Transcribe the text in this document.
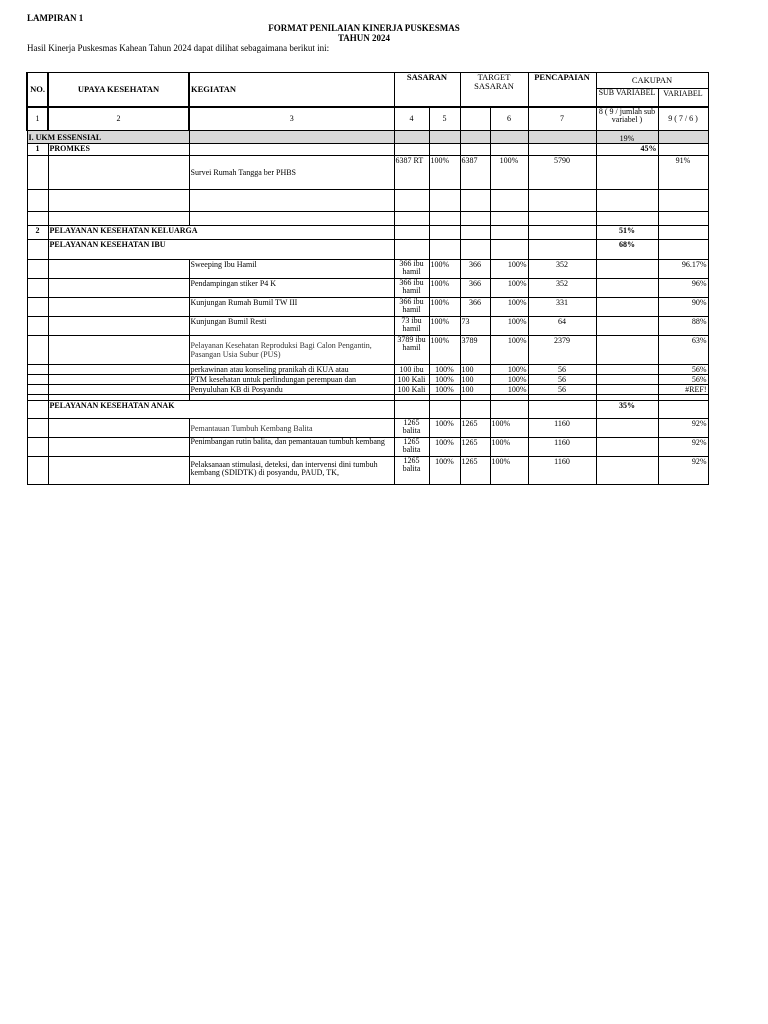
LAMPIRAN 1
FORMAT PENILAIAN KINERJA PUSKESMAS
TAHUN 2024
Hasil Kinerja Puskesmas Kahean Tahun 2024 dapat dilihat sebagaimana berikut ini:
NO.	UPAYA KESEHATAN	KEGIATAN	SASARAN		TARGET SASARAN		PENCAPAIAN	CAKUPAN	
								SUB VARIABEL	VARIABEL
1	2	3	4	5		6	7	8 ( 9 / jumlah sub variabel )	9 ( 7 / 6 )
I. UKM ESSENSIAL								19%	
1	PROMKES							45%	
		Survei Rumah Tangga ber PHBS	6387 RT	100%	6387	100%	5790		91%

2	PELAYANAN KESEHATAN KELUARGA							51%	
	PELAYANAN KESEHATAN IBU							68%	
		Sweeping Ibu Hamil	366 ibu hamil	100%	366	100%	352		96.17%
		Pendampingan stiker P4 K	366 ibu hamil	100%	366	100%	352		96%
		Kunjungan Rumah Bumil TW III	366 ibu hamil	100%	366	100%	331		90%
		Kunjungan Bumil Resti	73 ibu hamil	100%	73	100%	64		88%
		Pelayanan Kesehatan Reproduksi Bagi Calon Pengantin, Pasangan Usia Subur (PUS)	3789 ibu hamil	100%	3789	100%	2379		63%
		perkawinan atau konseling pranikah di KUA atau	100 ibu	100%	100	100%	56		56%
		PTM kesehatan untuk perlindungan perempuan dan	100 Kali	100%	100	100%	56		56%
		Penyuluhan KB di Posyandu	100 Kali	100%	100	100%	56		#REF!

	PELAYANAN KESEHATAN ANAK							35%	
		Pemantauan Tumbuh Kembang Balita	1265 balita	100%	1265	100%	1160		92%
		Penimbangan rutin balita, dan pemantauan tumbuh kembang	1265 balita	100%	1265	100%	1160		92%
		Pelaksanaan stimulasi, deteksi, dan intervensi dini tumbuh kembang (SDIDTK) di posyandu, PAUD, TK,	1265 balita	100%	1265	100%	1160		92%
